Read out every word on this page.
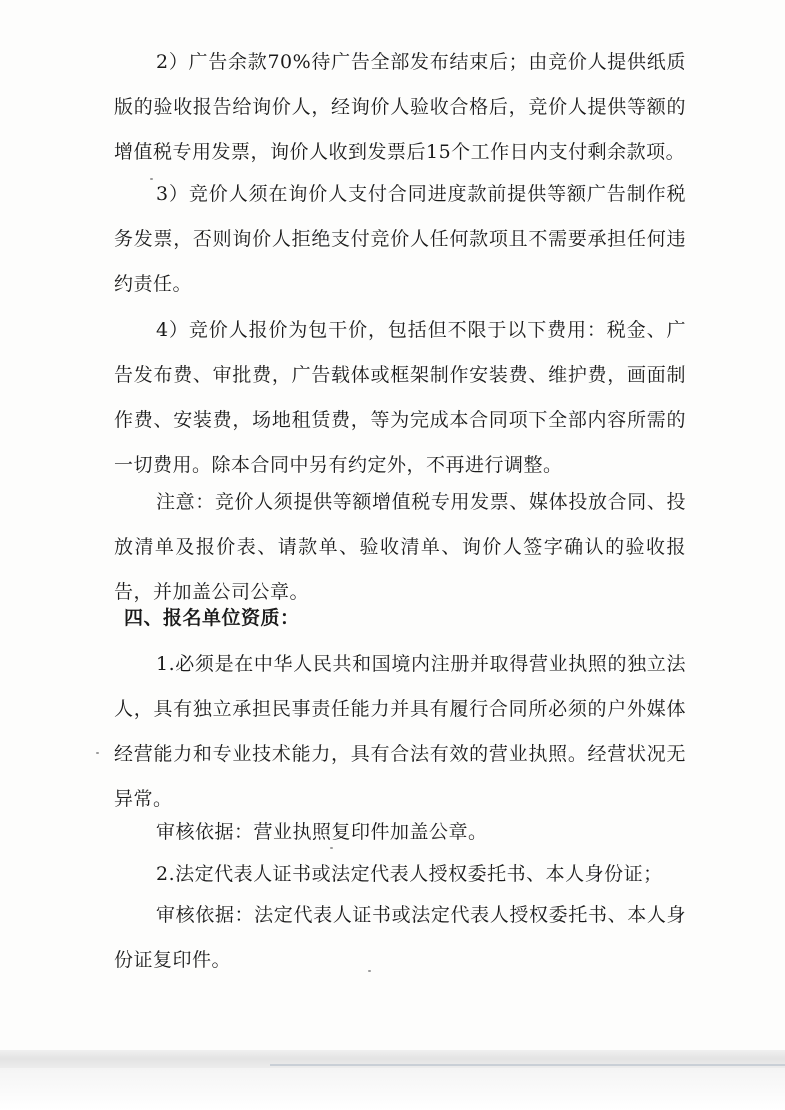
2）广告余款70%待广告全部发布结束后；由竞价人提供纸质版的验收报告给询价人，经询价人验收合格后，竞价人提供等额的增值税专用发票，询价人收到发票后15个工作日内支付剩余款项。

3）竞价人须在询价人支付合同进度款前提供等额广告制作税务发票，否则询价人拒绝支付竞价人任何款项且不需要承担任何违约责任。

4）竞价人报价为包干价，包括但不限于以下费用：税金、广告发布费、审批费，广告载体或框架制作安装费、维护费，画面制作费、安装费，场地租赁费，等为完成本合同项下全部内容所需的一切费用。除本合同中另有约定外，不再进行调整。

注意：竞价人须提供等额增值税专用发票、媒体投放合同、投放清单及报价表、请款单、验收清单、询价人签字确认的验收报告，并加盖公司公章。

四、报名单位资质：

1.必须是在中华人民共和国境内注册并取得营业执照的独立法人，具有独立承担民事责任能力并具有履行合同所必须的户外媒体经营能力和专业技术能力，具有合法有效的营业执照。经营状况无异常。

审核依据：营业执照复印件加盖公章。

2.法定代表人证书或法定代表人授权委托书、本人身份证；

审核依据：法定代表人证书或法定代表人授权委托书、本人身份证复印件。
